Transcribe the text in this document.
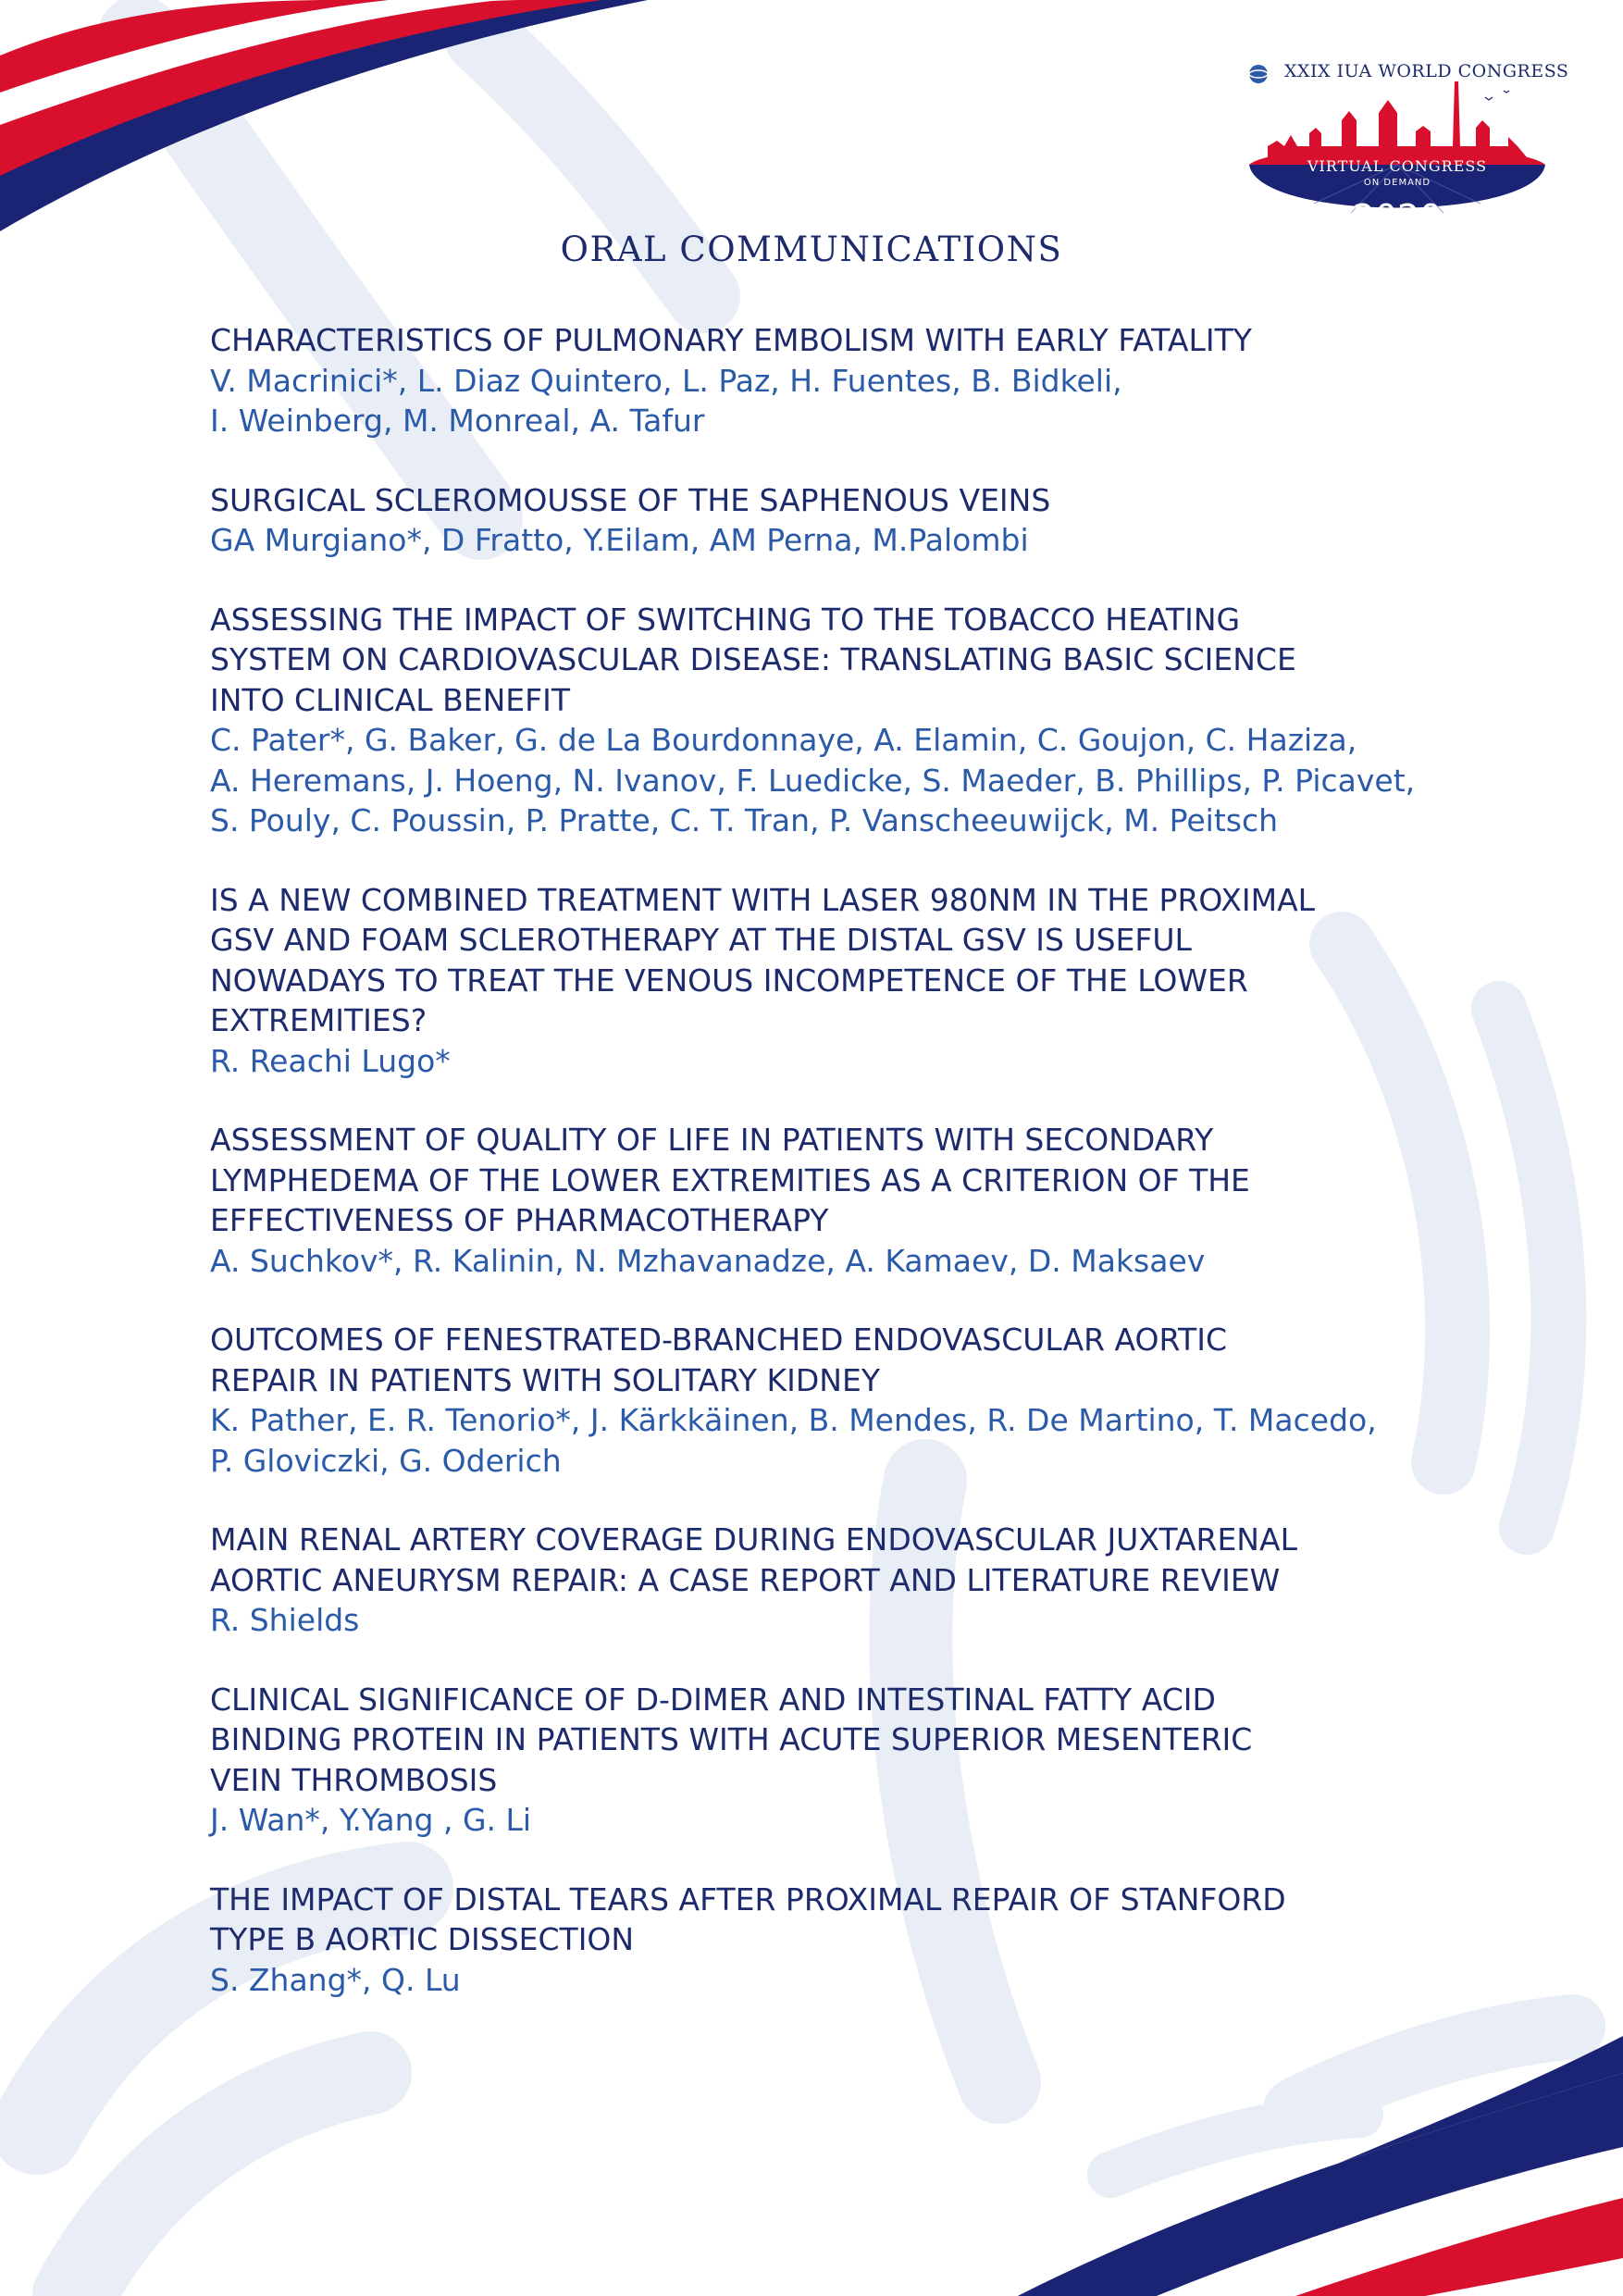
XXIX IUA WORLD CONGRESS
VIRTUAL CONGRESS
ON DEMAND
2020
ORAL COMMUNICATIONS
CHARACTERISTICS OF PULMONARY EMBOLISM WITH EARLY FATALITY
V. Macrinici*, L. Diaz Quintero, L. Paz, H. Fuentes, B. Bidkeli,
I. Weinberg, M. Monreal, A. Tafur
SURGICAL SCLEROMOUSSE OF THE SAPHENOUS VEINS
GA Murgiano*, D Fratto, Y.Eilam, AM Perna, M.Palombi
ASSESSING THE IMPACT OF SWITCHING TO THE TOBACCO HEATING
SYSTEM ON CARDIOVASCULAR DISEASE: TRANSLATING BASIC SCIENCE
INTO CLINICAL BENEFIT
C. Pater*, G. Baker, G. de La Bourdonnaye, A. Elamin, C. Goujon, C. Haziza,
A. Heremans, J. Hoeng, N. Ivanov, F. Luedicke, S. Maeder, B. Phillips, P. Picavet,
S. Pouly, C. Poussin, P. Pratte, C. T. Tran, P. Vanscheeuwijck, M. Peitsch
IS A NEW COMBINED TREATMENT WITH LASER 980NM IN THE PROXIMAL
GSV AND FOAM SCLEROTHERAPY AT THE DISTAL GSV IS USEFUL
NOWADAYS TO TREAT THE VENOUS INCOMPETENCE OF THE LOWER
EXTREMITIES?
R. Reachi Lugo*
ASSESSMENT OF QUALITY OF LIFE IN PATIENTS WITH SECONDARY
LYMPHEDEMA OF THE LOWER EXTREMITIES AS A CRITERION OF THE
EFFECTIVENESS OF PHARMACOTHERAPY
A. Suchkov*, R. Kalinin, N. Mzhavanadze, A. Kamaev, D. Maksaev
OUTCOMES OF FENESTRATED-BRANCHED ENDOVASCULAR AORTIC
REPAIR IN PATIENTS WITH SOLITARY KIDNEY
K. Pather, E. R. Tenorio*, J. Kärkkäinen, B. Mendes, R. De Martino, T. Macedo,
P. Gloviczki, G. Oderich
MAIN RENAL ARTERY COVERAGE DURING ENDOVASCULAR JUXTARENAL
AORTIC ANEURYSM REPAIR: A CASE REPORT AND LITERATURE REVIEW
R. Shields
CLINICAL SIGNIFICANCE OF D-DIMER AND INTESTINAL FATTY ACID
BINDING PROTEIN IN PATIENTS WITH ACUTE SUPERIOR MESENTERIC
VEIN THROMBOSIS
J. Wan*, Y.Yang , G. Li
THE IMPACT OF DISTAL TEARS AFTER PROXIMAL REPAIR OF STANFORD
TYPE B AORTIC DISSECTION
S. Zhang*, Q. Lu
